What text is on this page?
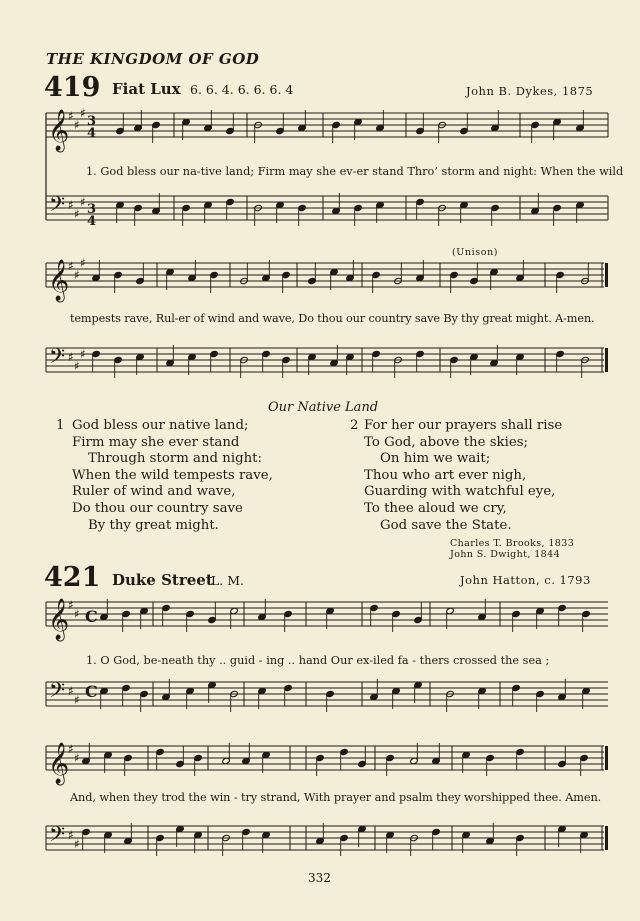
𝄞
♯
♯
♯
𝄢 ♯
♯
♯
𝄞
♯
♯
♯
𝄢 ♯
♯
♯
𝄞
♯
♯
𝄢 ♯
♯
𝄞
♯
♯
𝄢 ♯
♯
THE KINGDOM OF GOD
419 Fiat Lux 6. 6. 4. 6. 6. 6. 4	John B. Dykes, 1875
3
4
3
4
1. God bless our na-tive land; Firm may she ev-er stand Thro’ storm and night: When the wild
(Unison)
tempests rave, Rul-er of wind and wave, Do thou our country save By thy great might. A-men.
Our Native Land
1 God bless our native land;
Firm may she ever stand
Through storm and night:
When the wild tempests rave,
Ruler of wind and wave,
Do thou our country save
By thy great might.
2 For her our prayers shall rise
To God, above the skies;
On him we wait;
Thou who art ever nigh,
Guarding with watchful eye,
To thee aloud we cry,
God save the State.
Charles T. Brooks, 1833
John S. Dwight, 1844
421 Duke Street
L. M.	John Hatton, c. 1793
C
C
1. O God, be-neath thy .. guid - ing .. hand Our ex-iled fa - thers crossed the sea ;
And, when they trod the win - try strand, With prayer and psalm they worshipped thee. Amen.
332
